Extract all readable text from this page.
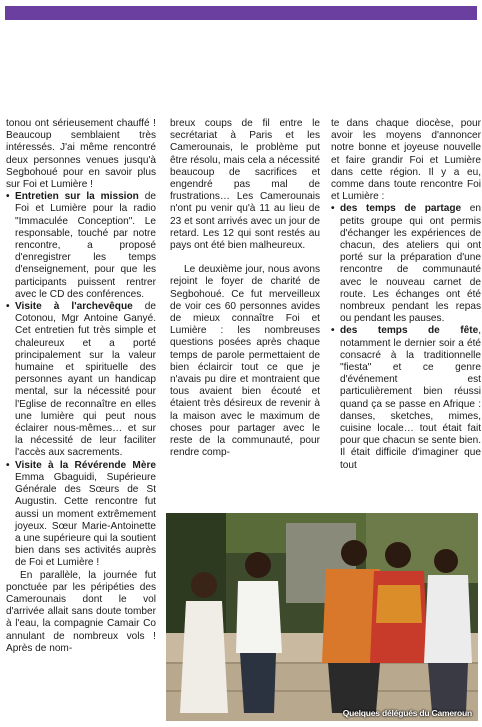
tonou ont sérieusement chauffé ! Beaucoup semblaient très intéressés. J'ai même rencontré deux personnes venues jusqu'à Segbohoué pour en savoir plus sur Foi et Lumière !

• Entretien sur la mission de Foi et Lumière pour la radio "Immaculée Conception". Le responsable, touché par notre rencontre, a proposé d'enregistrer les temps d'enseignement, pour que les participants puissent rentrer avec le CD des conférences.

• Visite à l'archevêque de Cotonou, Mgr Antoine Ganyé. Cet entretien fut très simple et chaleureux et a porté principalement sur la valeur humaine et spirituelle des personnes ayant un handicap mental, sur la nécessité pour l'Eglise de reconnaître en elles une lumière qui peut nous éclairer nous-mêmes… et sur la nécessité de leur faciliter l'accès aux sacrements.

• Visite à la Révérende Mère Emma Gbaguidi, Supérieure Générale des Sœurs de St Augustin. Cette rencontre fut aussi un moment extrêmement joyeux. Sœur Marie-Antoinette a une supérieure qui la soutient bien dans ses activités auprès de Foi et Lumière !

En parallèle, la journée fut ponctuée par les péripéties des Camerounais dont le vol d'arrivée allait sans doute tomber à l'eau, la compagnie Camair Co annulant de nombreux vols ! Après de nom-

breux coups de fil entre le secrétariat à Paris et les Camerounais, le problème put être résolu, mais cela a nécessité beaucoup de sacrifices et engendré pas mal de frustrations… Les Camerounais n'ont pu venir qu'à 11 au lieu de 23 et sont arrivés avec un jour de retard. Les 12 qui sont restés au pays ont été bien malheureux.

Le deuxième jour, nous avons rejoint le foyer de charité de Segbohoué. Ce fut merveilleux de voir ces 60 personnes avides de mieux connaître Foi et Lumière : les nombreuses questions posées après chaque temps de parole permettaient de bien éclaircir tout ce que je n'avais pu dire et montraient que tous avaient bien écouté et étaient très désireux de revenir à la maison avec le maximum de choses pour partager avec le reste de la communauté, pour rendre comp-

te dans chaque diocèse, pour avoir les moyens d'annoncer notre bonne et joyeuse nouvelle et faire grandir Foi et Lumière dans cette région. Il y a eu, comme dans toute rencontre Foi et Lumière :

• des temps de partage en petits groupe qui ont permis d'échanger les expériences de chacun, des ateliers qui ont porté sur la préparation d'une rencontre de communauté avec le nouveau carnet de route. Les échanges ont été nombreux pendant les repas ou pendant les pauses.

• des temps de fête, notamment le dernier soir a été consacré à la traditionnelle "fiesta" et ce genre d'événement est particulièrement bien réussi quand ça se passe en Afrique : danses, sketches, mimes, cuisine locale… tout était fait pour que chacun se sente bien. Il était difficile d'imaginer que tout

Quelques délégués du Cameroun
